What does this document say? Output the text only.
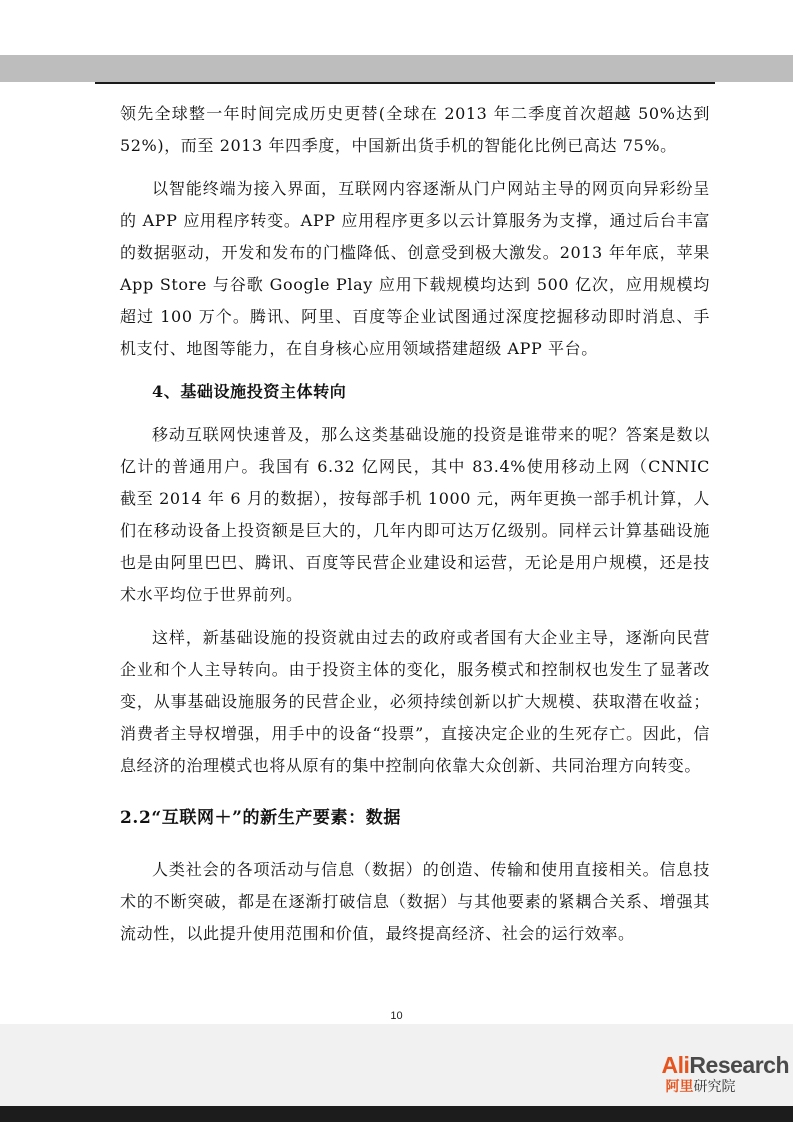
领先全球整一年时间完成历史更替(全球在 2013 年二季度首次超越 50%达到 52%)，而至 2013 年四季度，中国新出货手机的智能化比例已高达 75%。

以智能终端为接入界面，互联网内容逐渐从门户网站主导的网页向异彩纷呈的 APP 应用程序转变。APP 应用程序更多以云计算服务为支撑，通过后台丰富的数据驱动，开发和发布的门槛降低、创意受到极大激发。2013 年年底，苹果 App Store 与谷歌 Google Play 应用下载规模均达到 500 亿次，应用规模均超过 100 万个。腾讯、阿里、百度等企业试图通过深度挖掘移动即时消息、手机支付、地图等能力，在自身核心应用领域搭建超级 APP 平台。

4、基础设施投资主体转向

移动互联网快速普及，那么这类基础设施的投资是谁带来的呢？答案是数以亿计的普通用户。我国有 6.32 亿网民，其中 83.4%使用移动上网（CNNIC 截至 2014 年 6 月的数据），按每部手机 1000 元，两年更换一部手机计算，人们在移动设备上投资额是巨大的，几年内即可达万亿级别。同样云计算基础设施也是由阿里巴巴、腾讯、百度等民营企业建设和运营，无论是用户规模，还是技术水平均位于世界前列。

这样，新基础设施的投资就由过去的政府或者国有大企业主导，逐渐向民营企业和个人主导转向。由于投资主体的变化，服务模式和控制权也发生了显著改变，从事基础设施服务的民营企业，必须持续创新以扩大规模、获取潜在收益；消费者主导权增强，用手中的设备“投票”，直接决定企业的生死存亡。因此，信息经济的治理模式也将从原有的集中控制向依靠大众创新、共同治理方向转变。

2.2“互联网＋”的新生产要素：数据

人类社会的各项活动与信息（数据）的创造、传输和使用直接相关。信息技术的不断突破，都是在逐渐打破信息（数据）与其他要素的紧耦合关系、增强其流动性，以此提升使用范围和价值，最终提高经济、社会的运行效率。

10
AliResearch
阿里研究院
